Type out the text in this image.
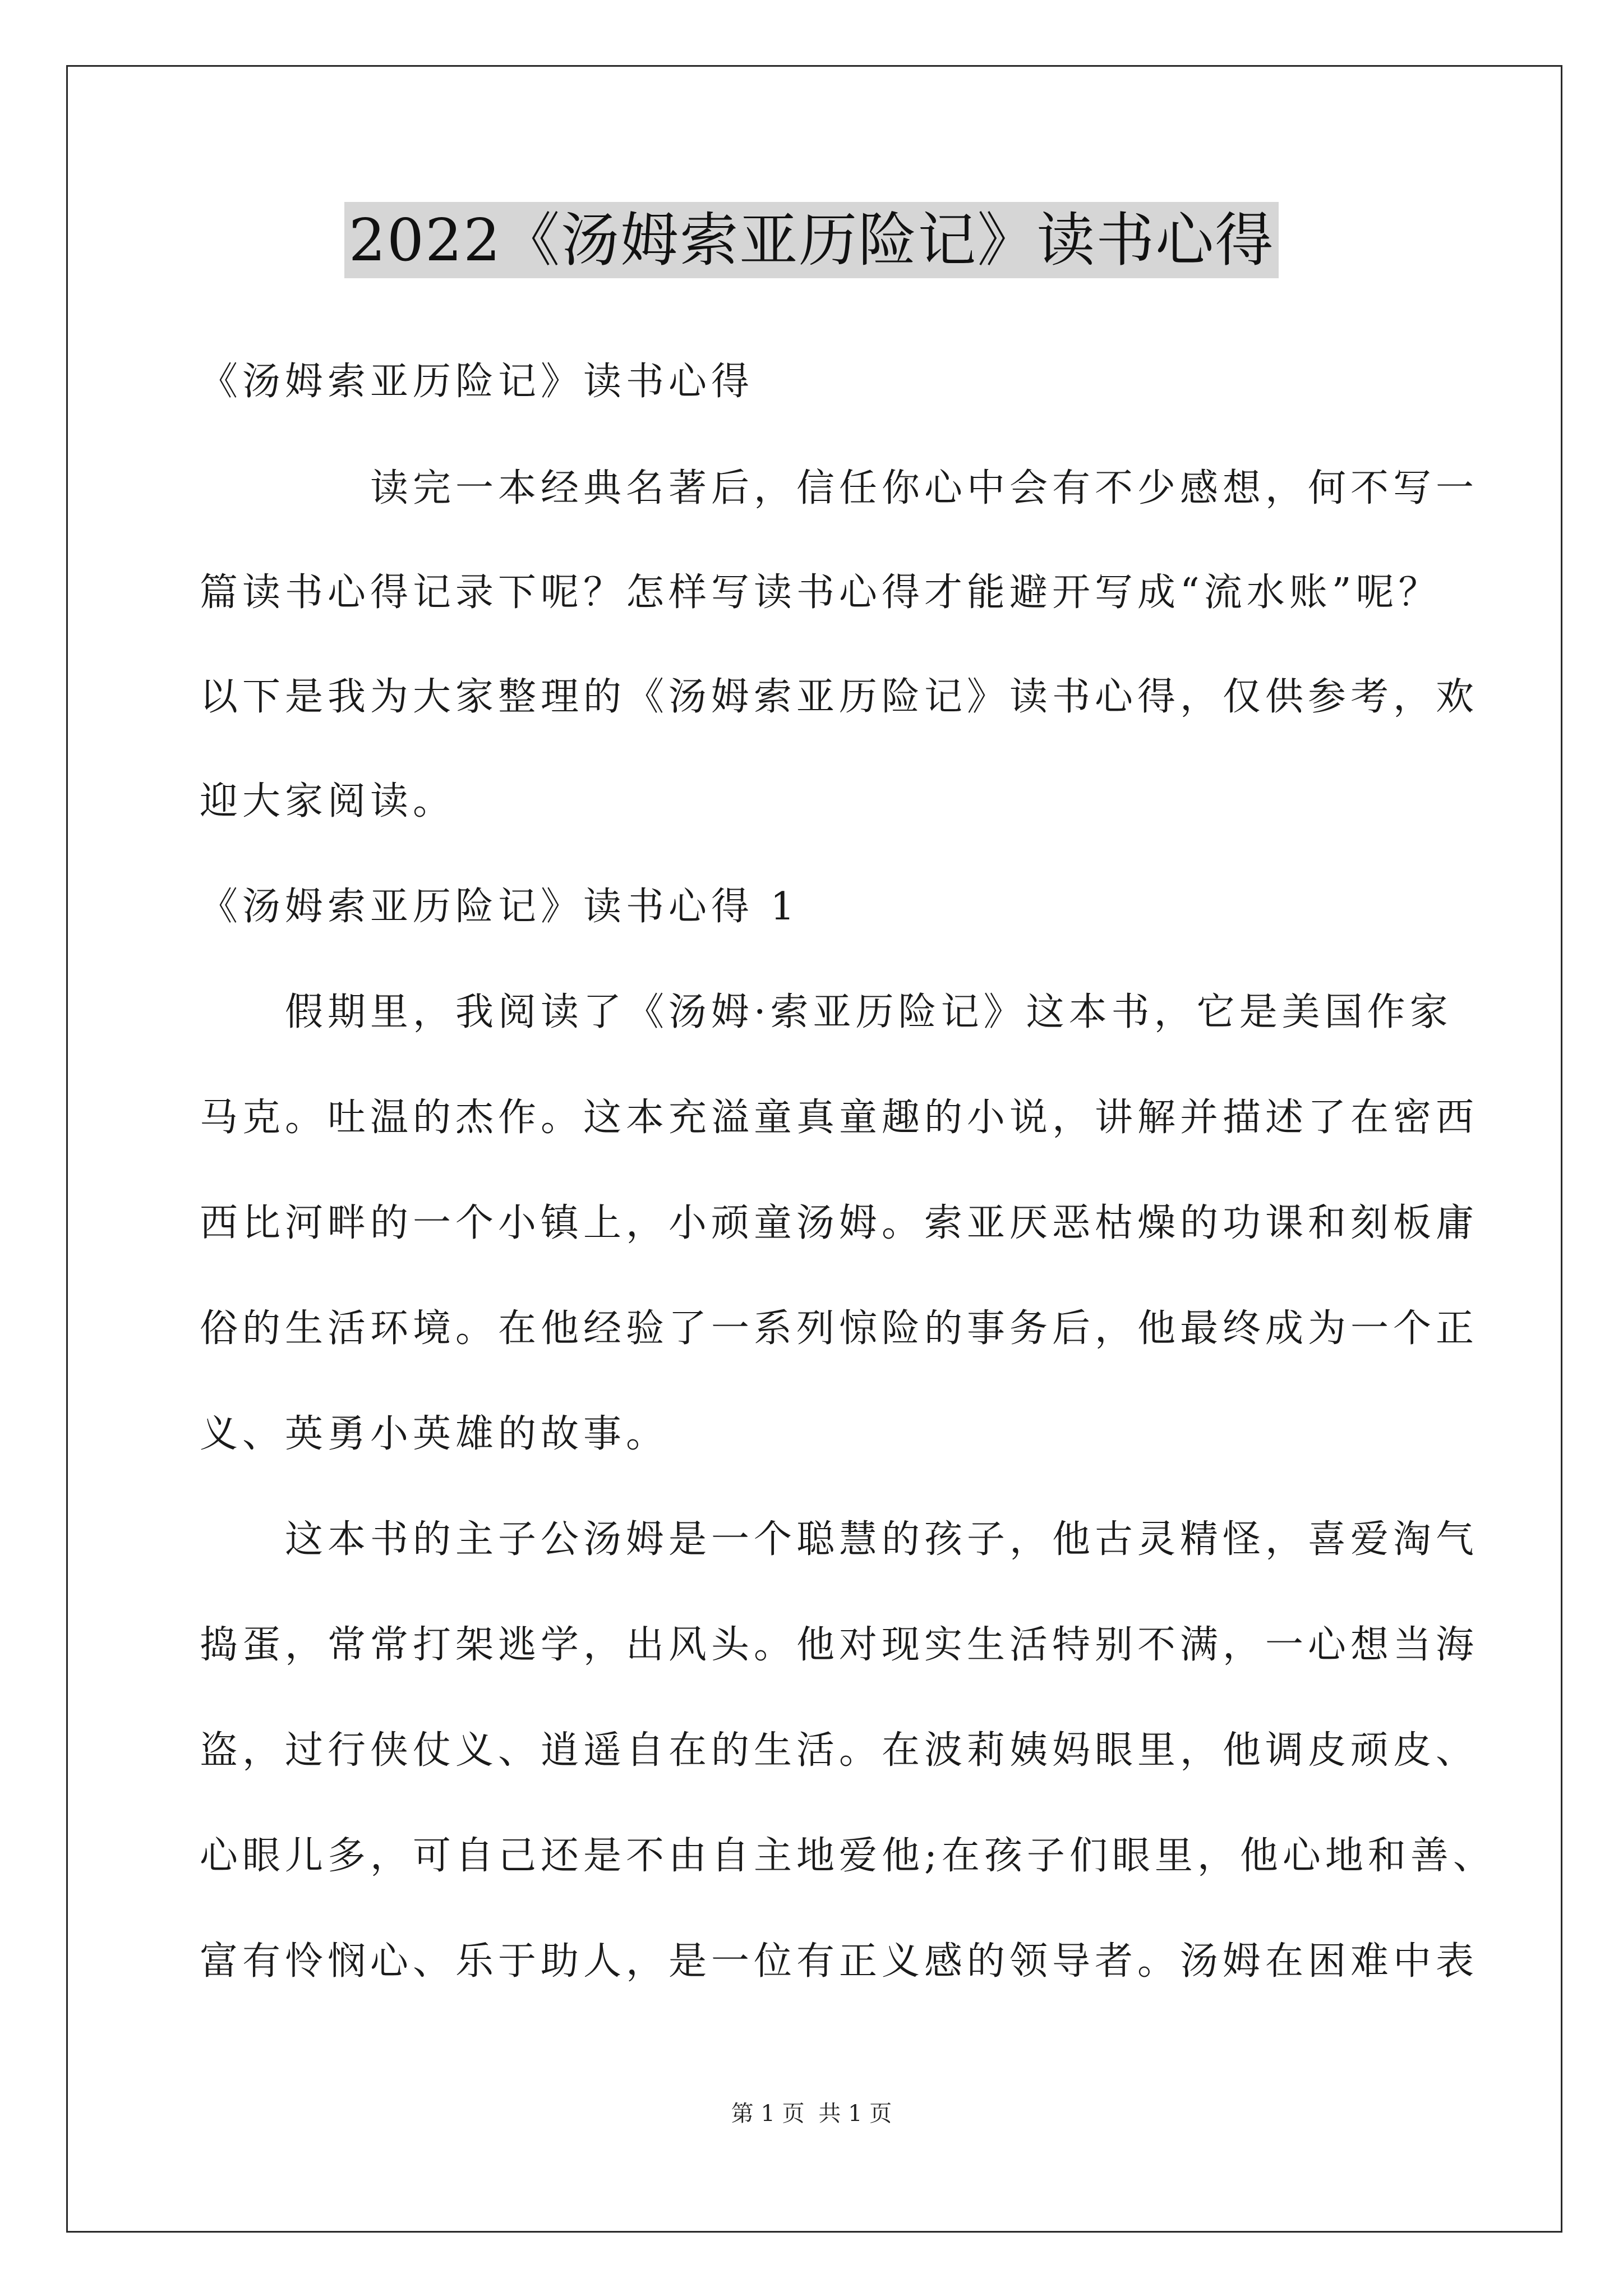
2022《汤姆索亚历险记》读书心得
《汤姆索亚历险记》读书心得
　　　　读完一本经典名著后，信任你心中会有不少感想，何不写一
篇读书心得记录下呢？怎样写读书心得才能避开写成“流水账”呢？
以下是我为大家整理的《汤姆索亚历险记》读书心得，仅供参考，欢
迎大家阅读。
《汤姆索亚历险记》读书心得 1
　　假期里，我阅读了《汤姆·索亚历险记》这本书，它是美国作家
马克。吐温的杰作。这本充溢童真童趣的小说，讲解并描述了在密西
西比河畔的一个小镇上，小顽童汤姆。索亚厌恶枯燥的功课和刻板庸
俗的生活环境。在他经验了一系列惊险的事务后，他最终成为一个正
义、英勇小英雄的故事。
　　这本书的主子公汤姆是一个聪慧的孩子，他古灵精怪，喜爱淘气
捣蛋，常常打架逃学，出风头。他对现实生活特别不满，一心想当海
盗，过行侠仗义、逍遥自在的生活。在波莉姨妈眼里，他调皮顽皮、
心眼儿多，可自己还是不由自主地爱他;在孩子们眼里，他心地和善、
富有怜悯心、乐于助人，是一位有正义感的领导者。汤姆在困难中表
第 1 页 共 1 页
